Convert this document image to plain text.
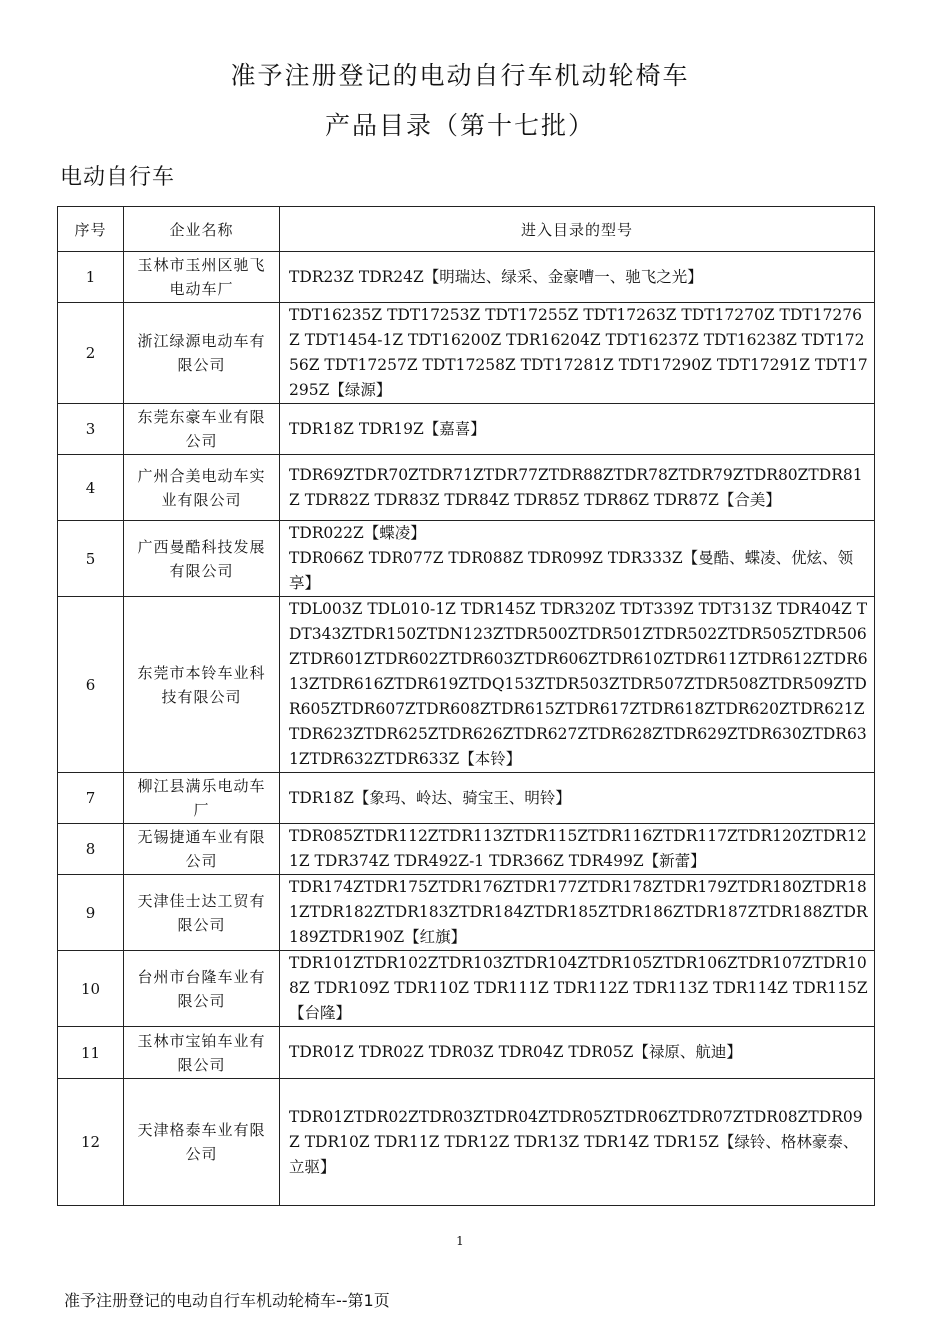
准予注册登记的电动自行车机动轮椅车
产品目录（第十七批）
电动自行车
序号	企业名称	进入目录的型号
1	玉林市玉州区驰飞电动车厂	TDR23Z TDR24Z【明瑞达、绿采、金豪嘈一、驰飞之光】
2	浙江绿源电动车有限公司	TDT16235Z TDT17253Z TDT17255Z TDT17263Z TDT17270Z TDT17276Z TDT1454-1Z TDT16200Z TDR16204Z TDT16237Z TDT16238Z TDT17256Z TDT17257Z TDT17258Z TDT17281Z TDT17290Z TDT17291Z TDT17295Z【绿源】
3	东莞东豪车业有限公司	TDR18Z TDR19Z【嘉喜】
4	广州合美电动车实业有限公司	TDR69ZTDR70ZTDR71ZTDR77ZTDR88ZTDR78ZTDR79ZTDR80ZTDR81Z TDR82Z TDR83Z TDR84Z TDR85Z TDR86Z TDR87Z【合美】
5	广西曼酷科技发展有限公司	TDR022Z【蝶凌】
TDR066Z TDR077Z TDR088Z TDR099Z TDR333Z【曼酷、蝶凌、优炫、领享】

6	东莞市本铃车业科技有限公司	TDL003Z TDL010-1Z TDR145Z TDR320Z TDT339Z TDT313Z TDR404Z TDT343ZTDR150ZTDN123ZTDR500ZTDR501ZTDR502ZTDR505ZTDR506ZTDR601ZTDR602ZTDR603ZTDR606ZTDR610ZTDR611ZTDR612ZTDR613ZTDR616ZTDR619ZTDQ153ZTDR503ZTDR507ZTDR508ZTDR509ZTDR605ZTDR607ZTDR608ZTDR615ZTDR617ZTDR618ZTDR620ZTDR621ZTDR623ZTDR625ZTDR626ZTDR627ZTDR628ZTDR629ZTDR630ZTDR631ZTDR632ZTDR633Z【本铃】
7	柳江县满乐电动车厂	TDR18Z【象玛、岭达、骑宝王、明铃】
8	无锡捷通车业有限公司	TDR085ZTDR112ZTDR113ZTDR115ZTDR116ZTDR117ZTDR120ZTDR121Z TDR374Z TDR492Z-1 TDR366Z TDR499Z【新蕾】
9	天津佳士达工贸有限公司	TDR174ZTDR175ZTDR176ZTDR177ZTDR178ZTDR179ZTDR180ZTDR181ZTDR182ZTDR183ZTDR184ZTDR185ZTDR186ZTDR187ZTDR188ZTDR189ZTDR190Z【红旗】
10	台州市台隆车业有限公司	TDR101ZTDR102ZTDR103ZTDR104ZTDR105ZTDR106ZTDR107ZTDR108Z TDR109Z TDR110Z TDR111Z TDR112Z TDR113Z TDR114Z TDR115Z【台隆】
11	玉林市宝铂车业有限公司	TDR01Z TDR02Z TDR03Z TDR04Z TDR05Z【禄原、航迪】
12	天津格泰车业有限公司	TDR01ZTDR02ZTDR03ZTDR04ZTDR05ZTDR06ZTDR07ZTDR08ZTDR09Z TDR10Z TDR11Z TDR12Z TDR13Z TDR14Z TDR15Z【绿铃、格林豪泰、立驱】
1
准予注册登记的电动自行车机动轮椅车--第1页
